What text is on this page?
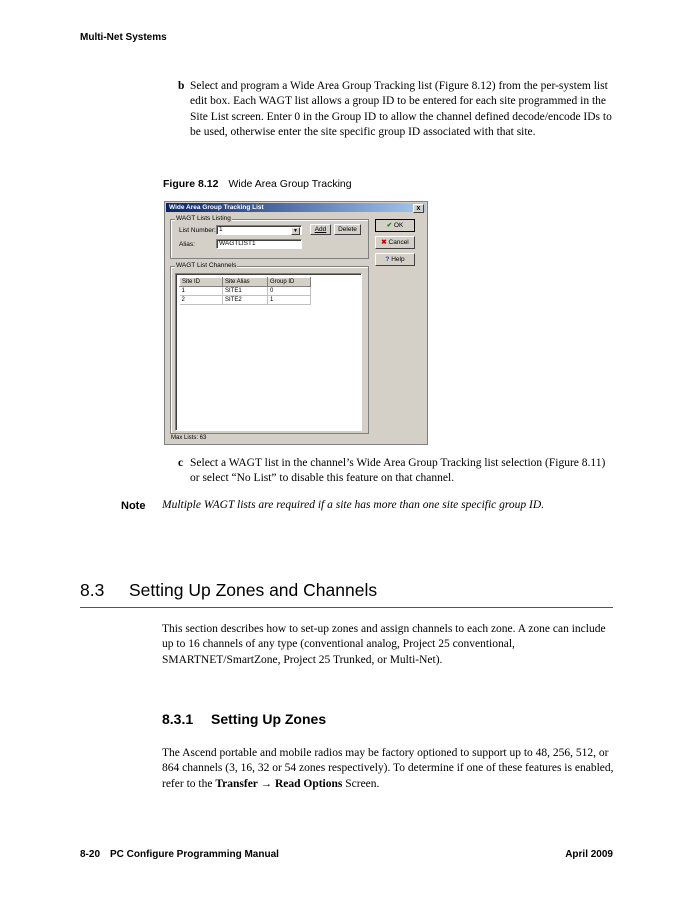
Multi-Net Systems
b Select and program a Wide Area Group Tracking list (Figure 8.12) from the per-system list edit box. Each WAGT list allows a group ID to be entered for each site programmed in the Site List screen. Enter 0 in the Group ID to allow the channel defined decode/encode IDs to be used, otherwise enter the site specific group ID associated with that site.
Figure 8.12 Wide Area Group Tracking
Wide Area Group Tracking List	x
WAGT Lists Listing
List Number: 1	▼	Add	Delete
Alias:	WAGTLIST1
WAGT List Channels
Site ID	Site Alias	Group ID
1	SITE1	0
2	SITE2	1
✔ OK
✖ Cancel
? Help
Max Lists: 63
c Select a WAGT list in the channel’s Wide Area Group Tracking list selection (Figure 8.11) or select “No List” to disable this feature on that channel.
Note Multiple WAGT lists are required if a site has more than one site specific group ID.
8.3 Setting Up Zones and Channels
This section describes how to set-up zones and assign channels to each zone. A zone can include up to 16 channels of any type (conventional analog, Project 25 conventional, SMARTNET/SmartZone, Project 25 Trunked, or Multi-Net).
8.3.1 Setting Up Zones
The Ascend portable and mobile radios may be factory optioned to support up to 48, 256, 512, or 864 channels (3, 16, 32 or 54 zones respectively). To determine if one of these features is enabled, refer to the Transfer → Read Options Screen.
8-20 PC Configure Programming Manual	April 2009
